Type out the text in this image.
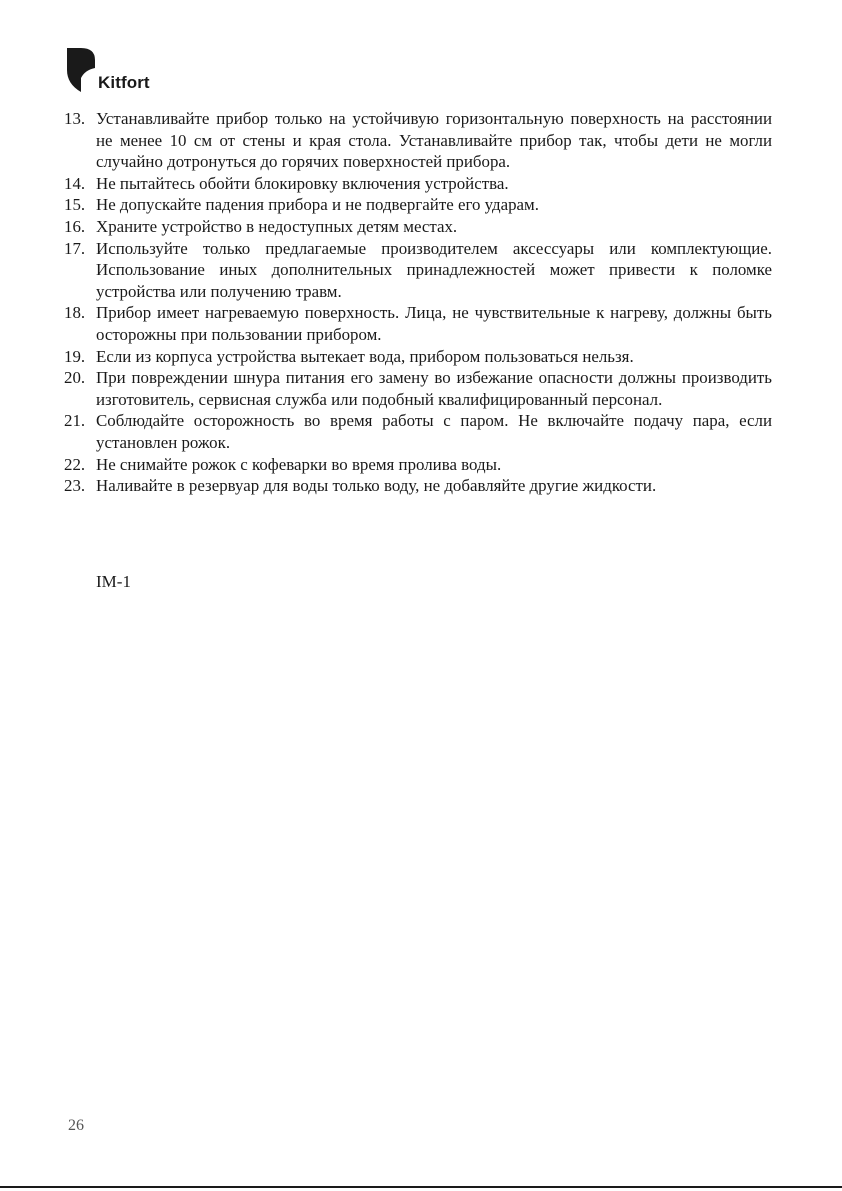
Kitfort
13. Устанавливайте прибор только на устойчивую горизонтальную поверхность на расстоянии не менее 10 см от стены и края стола. Устанавливайте прибор так, чтобы дети не могли случайно дотронуться до горячих поверхностей прибора.
14. Не пытайтесь обойти блокировку включения устройства.
15. Не допускайте падения прибора и не подвергайте его ударам.
16. Храните устройство в недоступных детям местах.
17. Используйте только предлагаемые производителем аксессуары или комплектующие. Использование иных дополнительных принадлежностей может привести к поломке устройства или получению травм.
18. Прибор имеет нагреваемую поверхность. Лица, не чувствительные к нагреву, должны быть осторожны при пользовании прибором.
19. Если из корпуса устройства вытекает вода, прибором пользоваться нельзя.
20. При повреждении шнура питания его замену во избежание опасности должны производить изготовитель, сервисная служба или подобный квалифицированный персонал.
21. Соблюдайте осторожность во время работы с паром. Не включайте подачу пара, если установлен рожок.
22. Не снимайте рожок с кофеварки во время пролива воды.
23. Наливайте в резервуар для воды только воду, не добавляйте другие жидкости.
IM-1
26
